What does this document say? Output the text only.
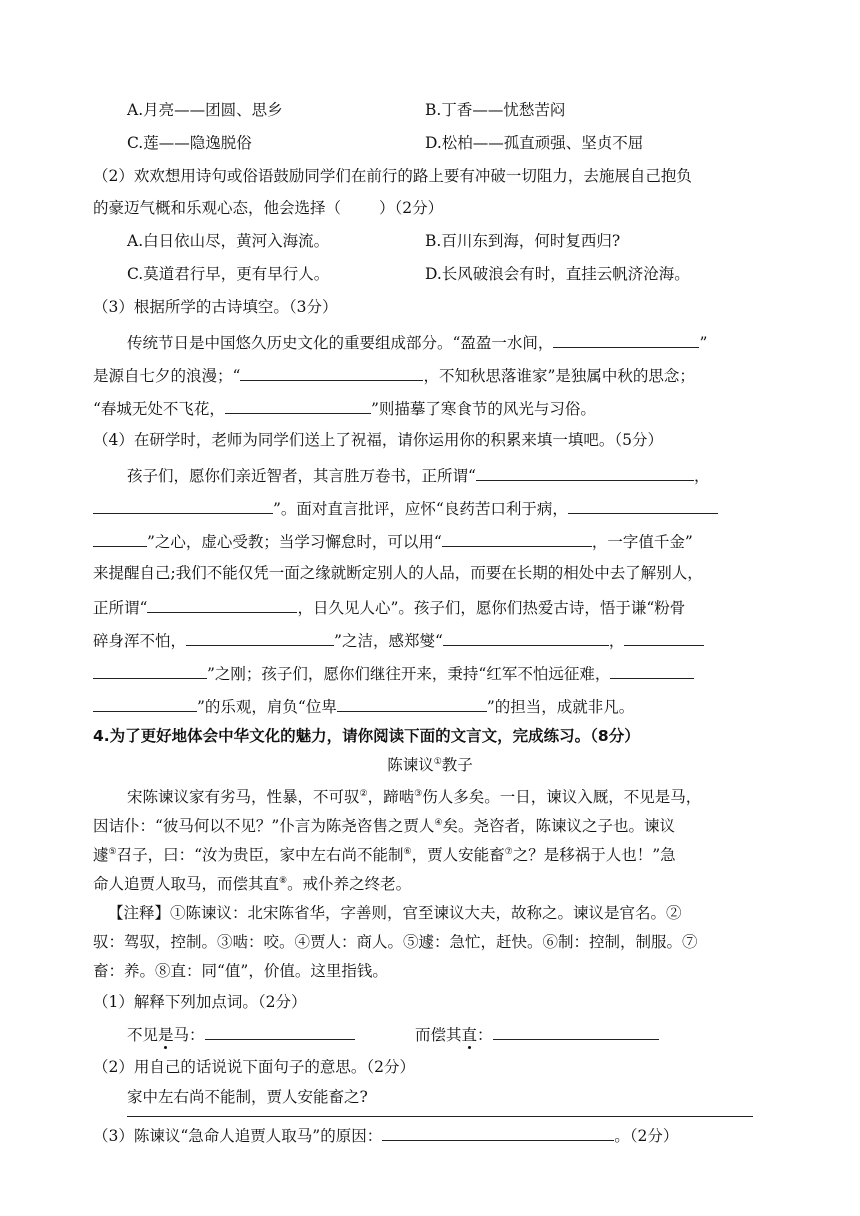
A.月亮——团圆、思乡	B.丁香——忧愁苦闷
C.莲——隐逸脱俗	D.松柏——孤直顽强、坚贞不屈
（2）欢欢想用诗句或俗语鼓励同学们在前行的路上要有冲破一切阻力，去施展自己抱负
的豪迈气概和乐观心态，他会选择（ ）（2分）
A.白日依山尽，黄河入海流。	B.百川东到海，何时复西归?
C.莫道君行早，更有早行人。	D.长风破浪会有时，直挂云帆济沧海。
（3）根据所学的古诗填空。（3分）
传统节日是中国悠久历史文化的重要组成部分。“盈盈一水间，	”
是源自七夕的浪漫；“	，不知秋思落谁家”是独属中秋的思念；
“春城无处不飞花，	”则描摹了寒食节的风光与习俗。
（4）在研学时，老师为同学们送上了祝福，请你运用你的积累来填一填吧。（5分）
孩子们，愿你们亲近智者，其言胜万卷书，正所谓“	，
”。面对直言批评，应怀“良药苦口利于病，
”之心，虚心受教；当学习懈怠时，可以用“	，一字值千金”
来提醒自己;我们不能仅凭一面之缘就断定别人的人品，而要在长期的相处中去了解别人，
正所谓“	，日久见人心”。孩子们，愿你们热爱古诗，悟于谦“粉骨
碎身浑不怕，	”之洁，感郑燮“	，
”之刚；孩子们，愿你们继往开来，秉持“红军不怕远征难，
”的乐观，肩负“位卑	”的担当，成就非凡。
4.为了更好地体会中华文化的魅力，请你阅读下面的文言文，完成练习。（8分）
陈谏议①教子
宋陈谏议家有劣马，性暴，不可驭②，蹄啮③伤人多矣。一日，谏议入厩，不见是马，
因诘仆：“彼马何以不见？”仆言为陈尧咨售之贾人④矣。尧咨者，陈谏议之子也。谏议
遽⑤召子，曰：“汝为贵臣，家中左右尚不能制⑥，贾人安能畜⑦之？是移祸于人也！”急
命人追贾人取马，而偿其直⑧。戒仆养之终老。
【注释】①陈谏议：北宋陈省华，字善则，官至谏议大夫，故称之。谏议是官名。②
驭：驾驭，控制。③啮：咬。④贾人：商人。⑤遽：急忙，赶快。⑥制：控制，制服。⑦
畜：养。⑧直：同“值”，价值。这里指钱。
（1）解释下列加点词。（2分）
不见是马：	而偿其直：
（2）用自己的话说说下面句子的意思。（2分）
家中左右尚不能制，贾人安能畜之?
（3）陈谏议“急命人追贾人取马”的原因：	。（2分）
